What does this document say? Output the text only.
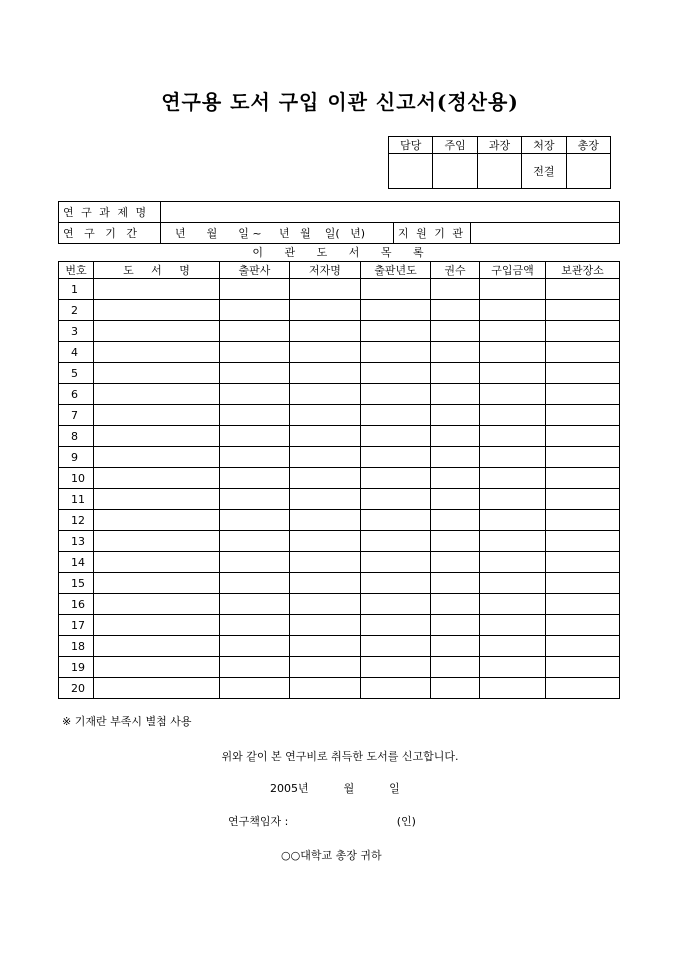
연구용 도서 구입 이관 신고서(정산용)
담당	주임	과장	처장	총장
			전결	
연 구 과 제 명			
연   구   기   간	년      월      일 ~     년   월    일(   년)	지 원 기 관	
이 관 도 서 목 록
번호	도 서 명	출판사	저자명	출판년도	권수	구입금액	보관장소
1							
2							
3							
4							
5							
6							
7							
8							
9							
10							
11							
12							
13							
14							
15							
16							
17							
18							
19							
20							
※ 기재란 부족시 별첨 사용
위와 같이 본 연구비로 취득한 도서를 신고합니다.
2005년          월          일
연구책임자 :                               (인)
○○대학교 총장 귀하
